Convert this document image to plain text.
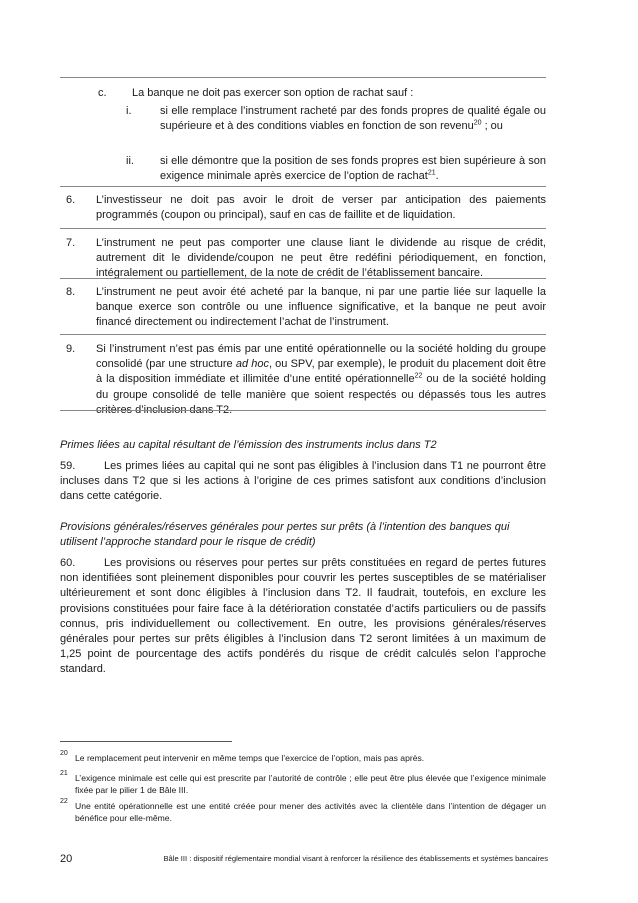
c. La banque ne doit pas exercer son option de rachat sauf :
i.	si elle remplace l’instrument racheté par des fonds propres de qualité égale ou supérieure et à des conditions viables en fonction de son revenu$^{20}$ ; ou
ii. si elle démontre que la position de ses fonds propres est bien supérieure à son exigence minimale après exercice de l’option de rachat$^{21}$.
6. L’investisseur ne doit pas avoir le droit de verser par anticipation des paiements programmés (coupon ou principal), sauf en cas de faillite et de liquidation.
7. L’instrument ne peut pas comporter une clause liant le dividende au risque de crédit, autrement dit le dividende/coupon ne peut être redéfini périodiquement, en fonction, intégralement ou partiellement, de la note de crédit de l’établissement bancaire.
8. L’instrument ne peut avoir été acheté par la banque, ni par une partie liée sur laquelle la banque exerce son contrôle ou une influence significative, et la banque ne peut avoir financé directement ou indirectement l’achat de l’instrument.
9. Si l’instrument n’est pas émis par une entité opérationnelle ou la société holding du groupe consolidé (par une structure ad hoc, ou SPV, par exemple), le produit du placement doit être à la disposition immédiate et illimitée d’une entité opérationnelle$^{22}$ ou de la société holding du groupe consolidé de telle manière que soient respectés ou dépassés tous les autres critères d’inclusion dans T2.
Primes liées au capital résultant de l’émission des instruments inclus dans T2
59.	Les primes liées au capital qui ne sont pas éligibles à l’inclusion dans T1 ne pourront être incluses dans T2 que si les actions à l’origine de ces primes satisfont aux conditions d’inclusion dans cette catégorie.
Provisions générales/réserves générales pour pertes sur prêts (à l’intention des banques qui utilisent l’approche standard pour le risque de crédit)
60.	Les provisions ou réserves pour pertes sur prêts constituées en regard de pertes futures non identifiées sont pleinement disponibles pour couvrir les pertes susceptibles de se matérialiser ultérieurement et sont donc éligibles à l’inclusion dans T2. Il faudrait, toutefois, en exclure les provisions constituées pour faire face à la détérioration constatée d’actifs particuliers ou de passifs connus, pris individuellement ou collectivement. En outre, les provisions générales/réserves générales pour pertes sur prêts éligibles à l’inclusion dans T2 seront limitées à un maximum de 1,25 point de pourcentage des actifs pondérés du risque de crédit calculés selon l’approche standard.
20 Le remplacement peut intervenir en même temps que l’exercice de l’option, mais pas après.
21 L’exigence minimale est celle qui est prescrite par l’autorité de contrôle ; elle peut être plus élevée que l’exigence minimale fixée par le pilier 1 de Bâle III.
22 Une entité opérationnelle est une entité créée pour mener des activités avec la clientèle dans l’intention de dégager un bénéfice pour elle-même.
20	Bâle III : dispositif réglementaire mondial visant à renforcer la résilience des établissements et systèmes bancaires
